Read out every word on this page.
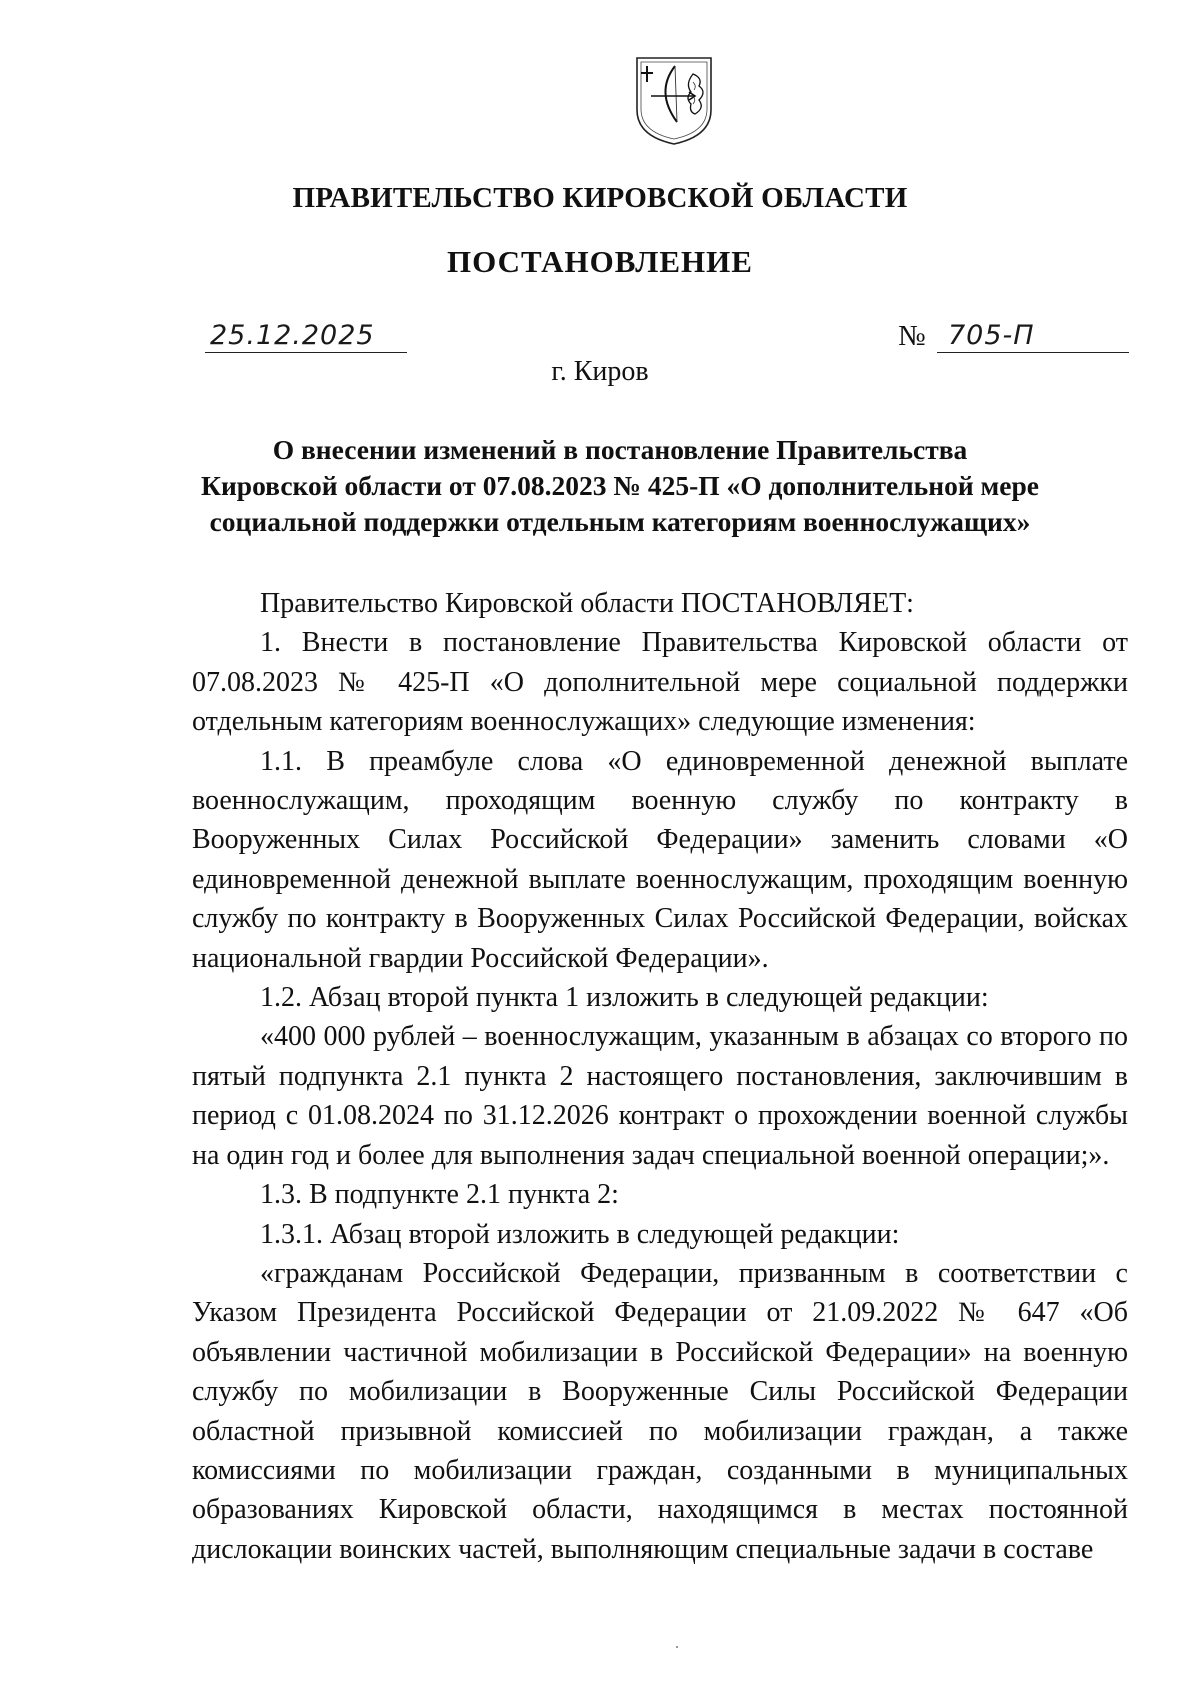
ПРАВИТЕЛЬСТВО КИРОВСКОЙ ОБЛАСТИ
ПОСТАНОВЛЕНИЕ
25.12.2025	№ 705-П
г. Киров
О внесении изменений в постановление Правительства
Кировской области от 07.08.2023 № 425-П «О дополнительной мере
социальной поддержки отдельным категориям военнослужащих»

Правительство Кировской области ПОСТАНОВЛЯЕТ:

1. Внести в постановление Правительства Кировской области от 07.08.2023 № 425-П «О дополнительной мере социальной поддержки отдельным категориям военнослужащих» следующие изменения:

1.1. В преамбуле слова «О единовременной денежной выплате военнослужащим, проходящим военную службу по контракту в Вооруженных Силах Российской Федерации» заменить словами «О единовременной денежной выплате военнослужащим, проходящим военную службу по контракту в Вооруженных Силах Российской Федерации, войсках национальной гвардии Российской Федерации».

1.2. Абзац второй пункта 1 изложить в следующей редакции:

«400 000 рублей – военнослужащим, указанным в абзацах со второго по пятый подпункта 2.1 пункта 2 настоящего постановления, заключившим в период с 01.08.2024 по 31.12.2026 контракт о прохождении военной службы на один год и более для выполнения задач специальной военной операции;».

1.3. В подпункте 2.1 пункта 2:

1.3.1. Абзац второй изложить в следующей редакции:

«гражданам Российской Федерации, призванным в соответствии с Указом Президента Российской Федерации от 21.09.2022 № 647 «Об объявлении частичной мобилизации в Российской Федерации» на военную службу по мобилизации в Вооруженные Силы Российской Федерации областной призывной комиссией по мобилизации граждан, а также комиссиями по мобилизации граждан, созданными в муниципальных образованиях Кировской области, находящимся в местах постоянной дислокации воинских частей, выполняющим специальные задачи в составе
